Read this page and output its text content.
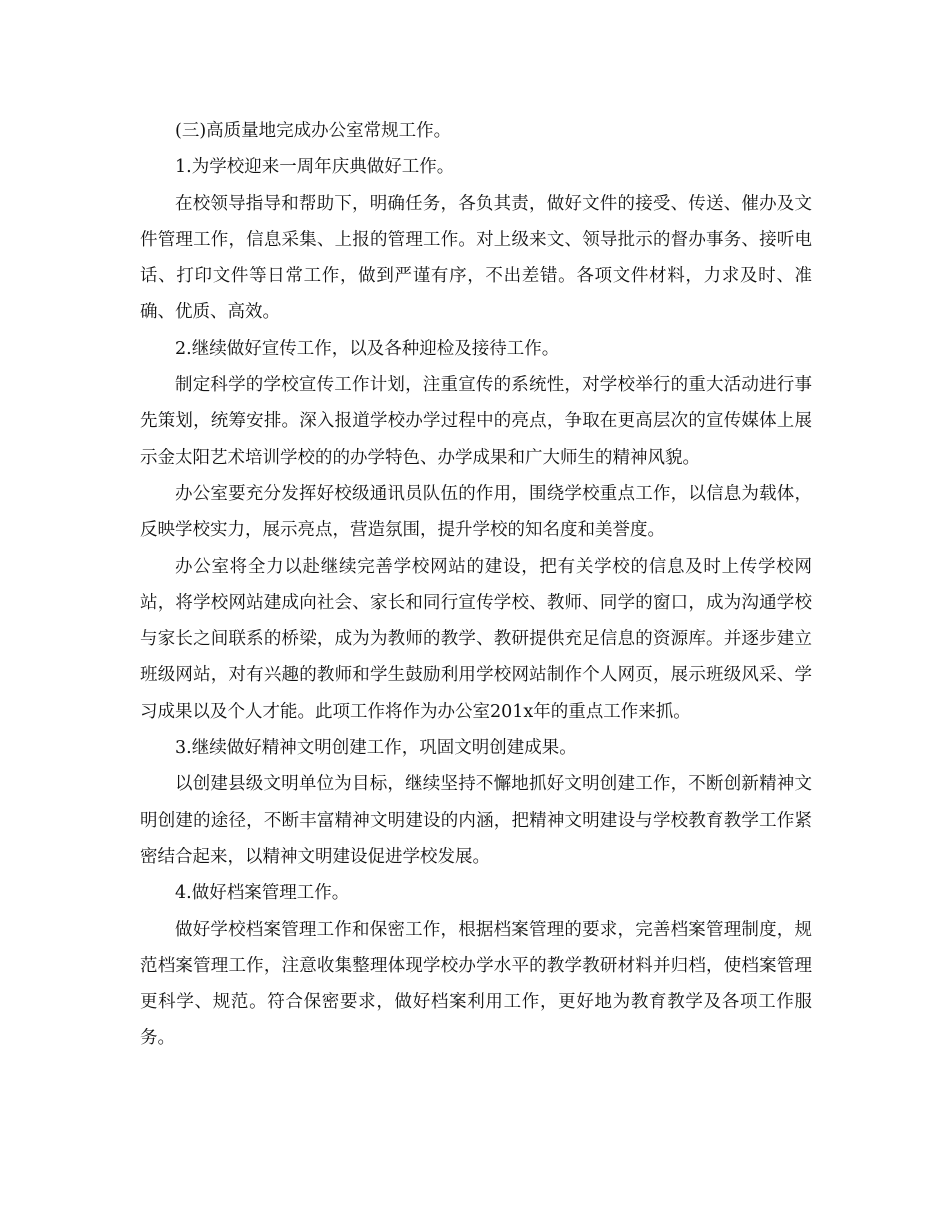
(三)高质量地完成办公室常规工作。

1.为学校迎来一周年庆典做好工作。

在校领导指导和帮助下，明确任务，各负其责，做好文件的接受、传送、催办及文件管理工作，信息采集、上报的管理工作。对上级来文、领导批示的督办事务、接听电话、打印文件等日常工作，做到严谨有序，不出差错。各项文件材料，力求及时、准确、优质、高效。

2.继续做好宣传工作，以及各种迎检及接待工作。

制定科学的学校宣传工作计划，注重宣传的系统性，对学校举行的重大活动进行事先策划，统筹安排。深入报道学校办学过程中的亮点，争取在更高层次的宣传媒体上展示金太阳艺术培训学校的的办学特色、办学成果和广大师生的精神风貌。

办公室要充分发挥好校级通讯员队伍的作用，围绕学校重点工作，以信息为载体，反映学校实力，展示亮点，营造氛围，提升学校的知名度和美誉度。

办公室将全力以赴继续完善学校网站的建设，把有关学校的信息及时上传学校网站，将学校网站建成向社会、家长和同行宣传学校、教师、同学的窗口，成为沟通学校与家长之间联系的桥梁，成为为教师的教学、教研提供充足信息的资源库。并逐步建立班级网站，对有兴趣的教师和学生鼓励利用学校网站制作个人网页，展示班级风采、学习成果以及个人才能。此项工作将作为办公室201x年的重点工作来抓。

3.继续做好精神文明创建工作，巩固文明创建成果。

以创建县级文明单位为目标，继续坚持不懈地抓好文明创建工作，不断创新精神文明创建的途径，不断丰富精神文明建设的内涵，把精神文明建设与学校教育教学工作紧密结合起来，以精神文明建设促进学校发展。

4.做好档案管理工作。

做好学校档案管理工作和保密工作，根据档案管理的要求，完善档案管理制度，规范档案管理工作，注意收集整理体现学校办学水平的教学教研材料并归档，使档案管理更科学、规范。符合保密要求，做好档案利用工作，更好地为教育教学及各项工作服务。
